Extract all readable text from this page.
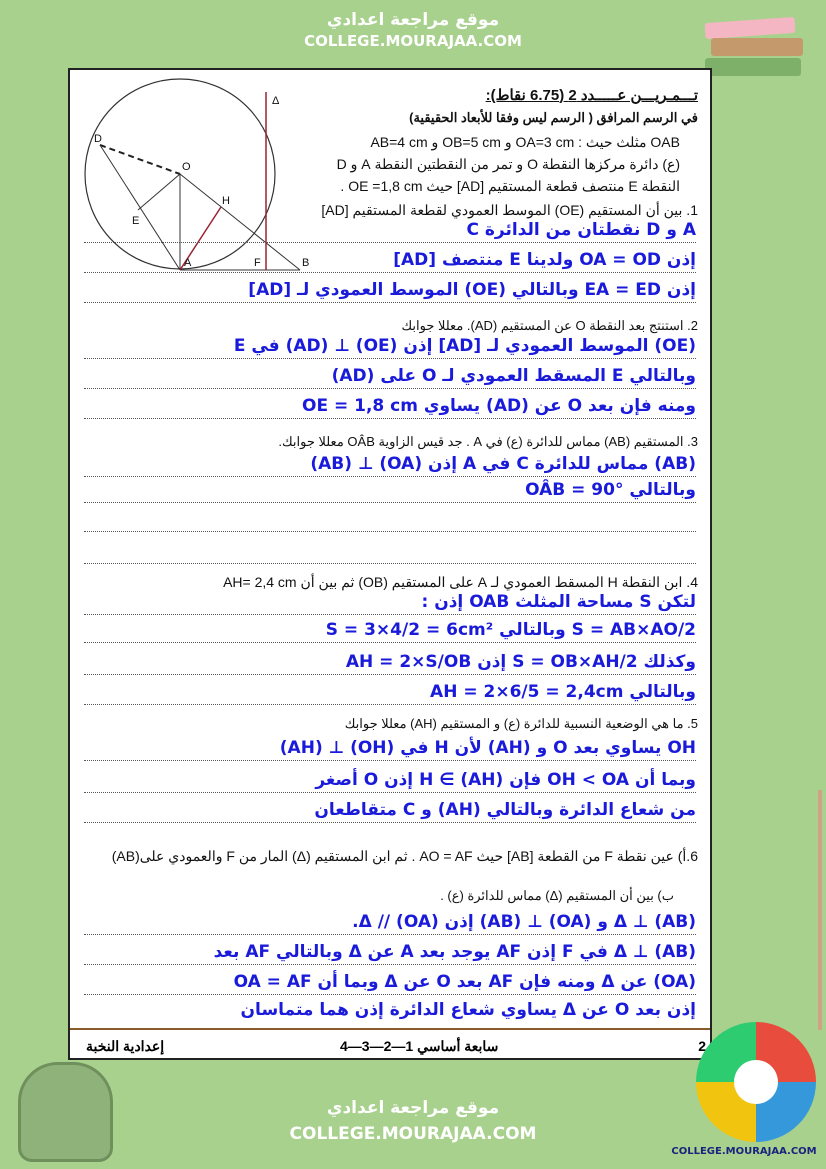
موقع مراجعة اعدادي
COLLEGE.MOURAJAA.COM
D
O
E
H
A	F	B
Δ	تـــمـريـــن عـــــدد 2 (6.75 نقاط):
في الرسم المرافق ( الرسم ليس وفقا للأبعاد الحقيقية)
OAB مثلث حيث : OA=3 cm و OB=5 cm و AB=4 cm
(ع) دائرة مركزها النقطة O و تمر من النقطتين النقطة A و D
النقطة E منتصف قطعة المستقيم [AD] حيث OE =1,8 cm .
1. بين أن المستقيم (OE) الموسط العمودي لقطعة المستقيم [AD]
A و D نقطتان من الدائرة C
إذن OA = OD ولدينا E منتصف [AD]
إذن EA = ED وبالتالي (OE) الموسط العمودي لـ [AD]
2. استنتج بعد النقطة O عن المستقيم (AD). معللا جوابك
(OE) الموسط العمودي لـ [AD] إذن (OE) ⊥ (AD) في E
وبالتالي E المسقط العمودي لـ O على (AD)
ومنه فإن بعد O عن (AD) يساوي OE = 1,8 cm
3. المستقيم (AB) مماس للدائرة (ع) في A . جد قيس الزاوية OÂB معللا جوابك.
(AB) مماس للدائرة C في A إذن (OA) ⊥ (AB)
وبالتالي OÂB = 90°
4. ابن النقطة H المسقط العمودي لـ A على المستقيم (OB) ثم بين أن AH= 2,4 cm
لتكن S مساحة المثلث OAB إذن :
S = AB×AO/2 وبالتالي S = 3×4/2 = 6cm²
وكذلك S = OB×AH/2 إذن AH = 2×S/OB
وبالتالي AH = 2×6/5 = 2,4cm
5. ما هي الوضعية النسبية للدائرة (ع) و المستقيم (AH) معللا جوابك
OH يساوي بعد O و (AH) لأن H في (OH) ⊥ (AH)
وبما أن OH < OA فإن H ∈ (AH) إذن O أصغر
من شعاع الدائرة وبالتالي (AH) و C متقاطعان
6.أ) عين نقطة F من القطعة [AB] حيث AO = AF . ثم ابن المستقيم (Δ) المار من F والعمودي على(AB)
ب) بين أن المستقيم (Δ) مماس للدائرة (ع) .
Δ ⊥ (AB) و (OA) ⊥ (AB) إذن Δ // (OA).
Δ ⊥ (AB) في F إذن AF يوجد بعد A عن Δ وبالتالي AF بعد
(OA) عن Δ ومنه فإن AF بعد O عن Δ وبما أن OA = AF
إذن بعد O عن Δ يساوي شعاع الدائرة إذن هما متماسان
2
سابعة أساسي 1—2—3—4
إعدادية النخبة
موقع مراجعة اعدادي
COLLEGE.MOURAJAA.COM
COLLEGE.MOURAJAA.COM
